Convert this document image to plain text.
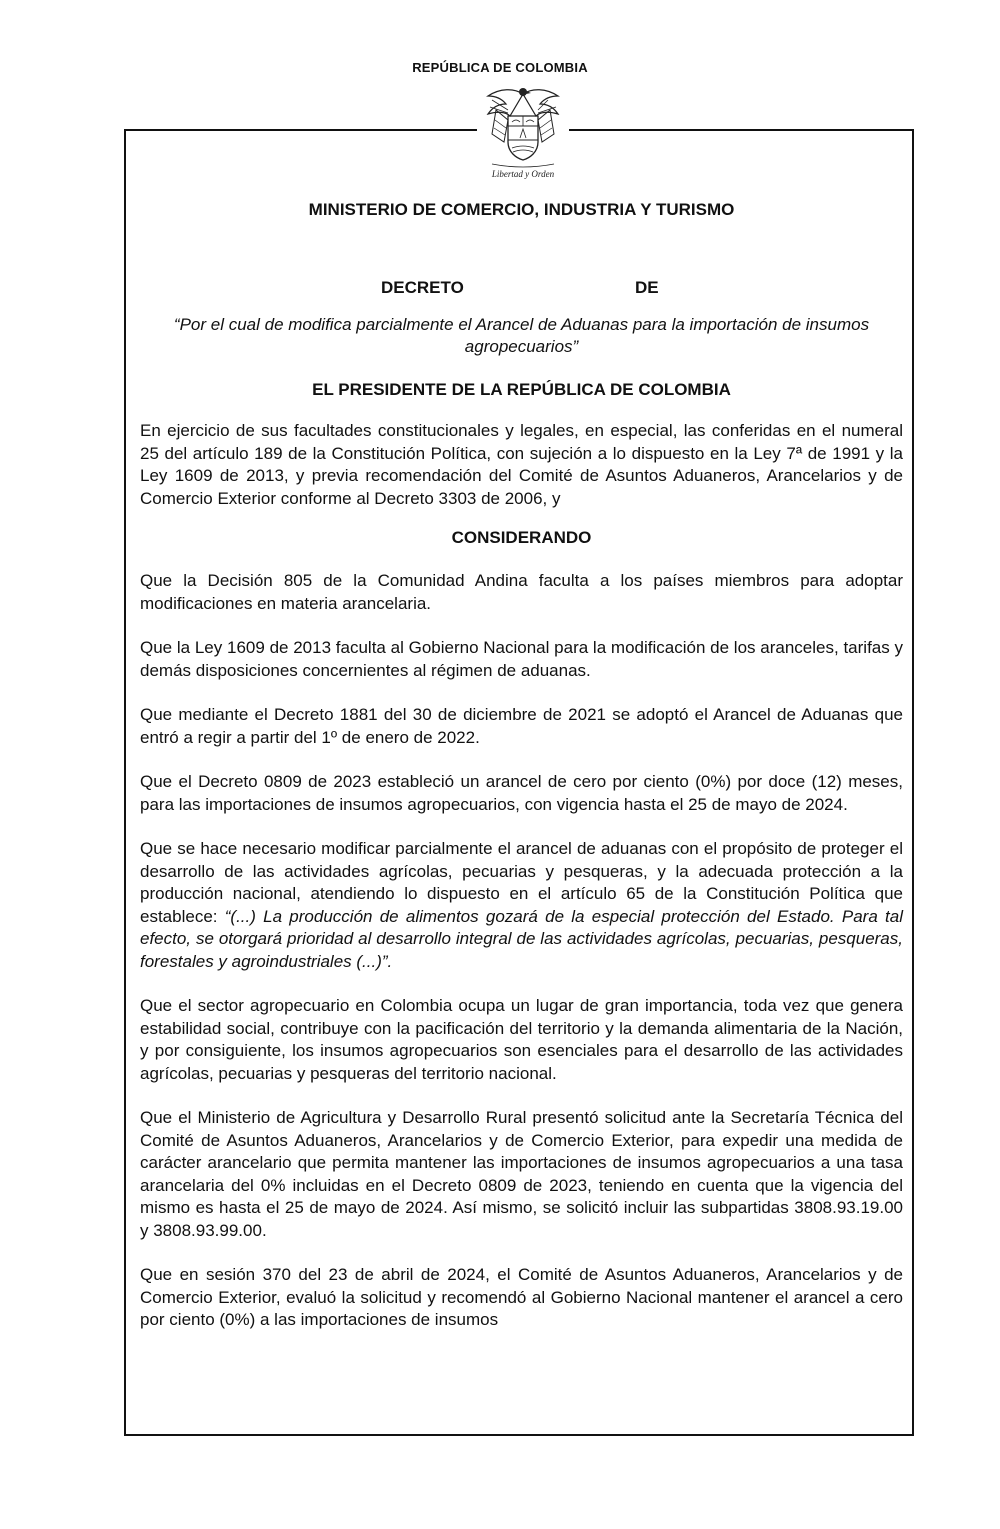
REPÚBLICA DE COLOMBIA
Libertad y Orden

MINISTERIO DE COMERCIO, INDUSTRIA Y TURISMO

DECRETO	DE

“Por el cual de modifica parcialmente el Arancel de Aduanas para la importación de insumos agropecuarios”

EL PRESIDENTE DE LA REPÚBLICA DE COLOMBIA

En ejercicio de sus facultades constitucionales y legales, en especial, las conferidas en el numeral 25 del artículo 189 de la Constitución Política, con sujeción a lo dispuesto en la Ley 7ª de 1991 y la Ley 1609 de 2013, y previa recomendación del Comité de Asuntos Aduaneros, Arancelarios y de Comercio Exterior conforme al Decreto 3303 de 2006, y

CONSIDERANDO

Que la Decisión 805 de la Comunidad Andina faculta a los países miembros para adoptar modificaciones en materia arancelaria.

Que la Ley 1609 de 2013 faculta al Gobierno Nacional para la modificación de los aranceles, tarifas y demás disposiciones concernientes al régimen de aduanas.

Que mediante el Decreto 1881 del 30 de diciembre de 2021 se adoptó el Arancel de Aduanas que entró a regir a partir del 1º de enero de 2022.

Que el Decreto 0809 de 2023 estableció un arancel de cero por ciento (0%) por doce (12) meses, para las importaciones de insumos agropecuarios, con vigencia hasta el 25 de mayo de 2024.

Que se hace necesario modificar parcialmente el arancel de aduanas con el propósito de proteger el desarrollo de las actividades agrícolas, pecuarias y pesqueras, y la adecuada protección a la producción nacional, atendiendo lo dispuesto en el artículo 65 de la Constitución Política que establece: “(...) La producción de alimentos gozará de la especial protección del Estado. Para tal efecto, se otorgará prioridad al desarrollo integral de las actividades agrícolas, pecuarias, pesqueras, forestales y agroindustriales (...)”.

Que el sector agropecuario en Colombia ocupa un lugar de gran importancia, toda vez que genera estabilidad social, contribuye con la pacificación del territorio y la demanda alimentaria de la Nación, y por consiguiente, los insumos agropecuarios son esenciales para el desarrollo de las actividades agrícolas, pecuarias y pesqueras del territorio nacional.

Que el Ministerio de Agricultura y Desarrollo Rural presentó solicitud ante la Secretaría Técnica del Comité de Asuntos Aduaneros, Arancelarios y de Comercio Exterior, para expedir una medida de carácter arancelario que permita mantener las importaciones de insumos agropecuarios a una tasa arancelaria del 0% incluidas en el Decreto 0809 de 2023, teniendo en cuenta que la vigencia del mismo es hasta el 25 de mayo de 2024. Así mismo, se solicitó incluir las subpartidas 3808.93.19.00 y 3808.93.99.00.

Que en sesión 370 del 23 de abril de 2024, el Comité de Asuntos Aduaneros, Arancelarios y de Comercio Exterior, evaluó la solicitud y recomendó al Gobierno Nacional mantener el arancel a cero por ciento (0%) a las importaciones de insumos
